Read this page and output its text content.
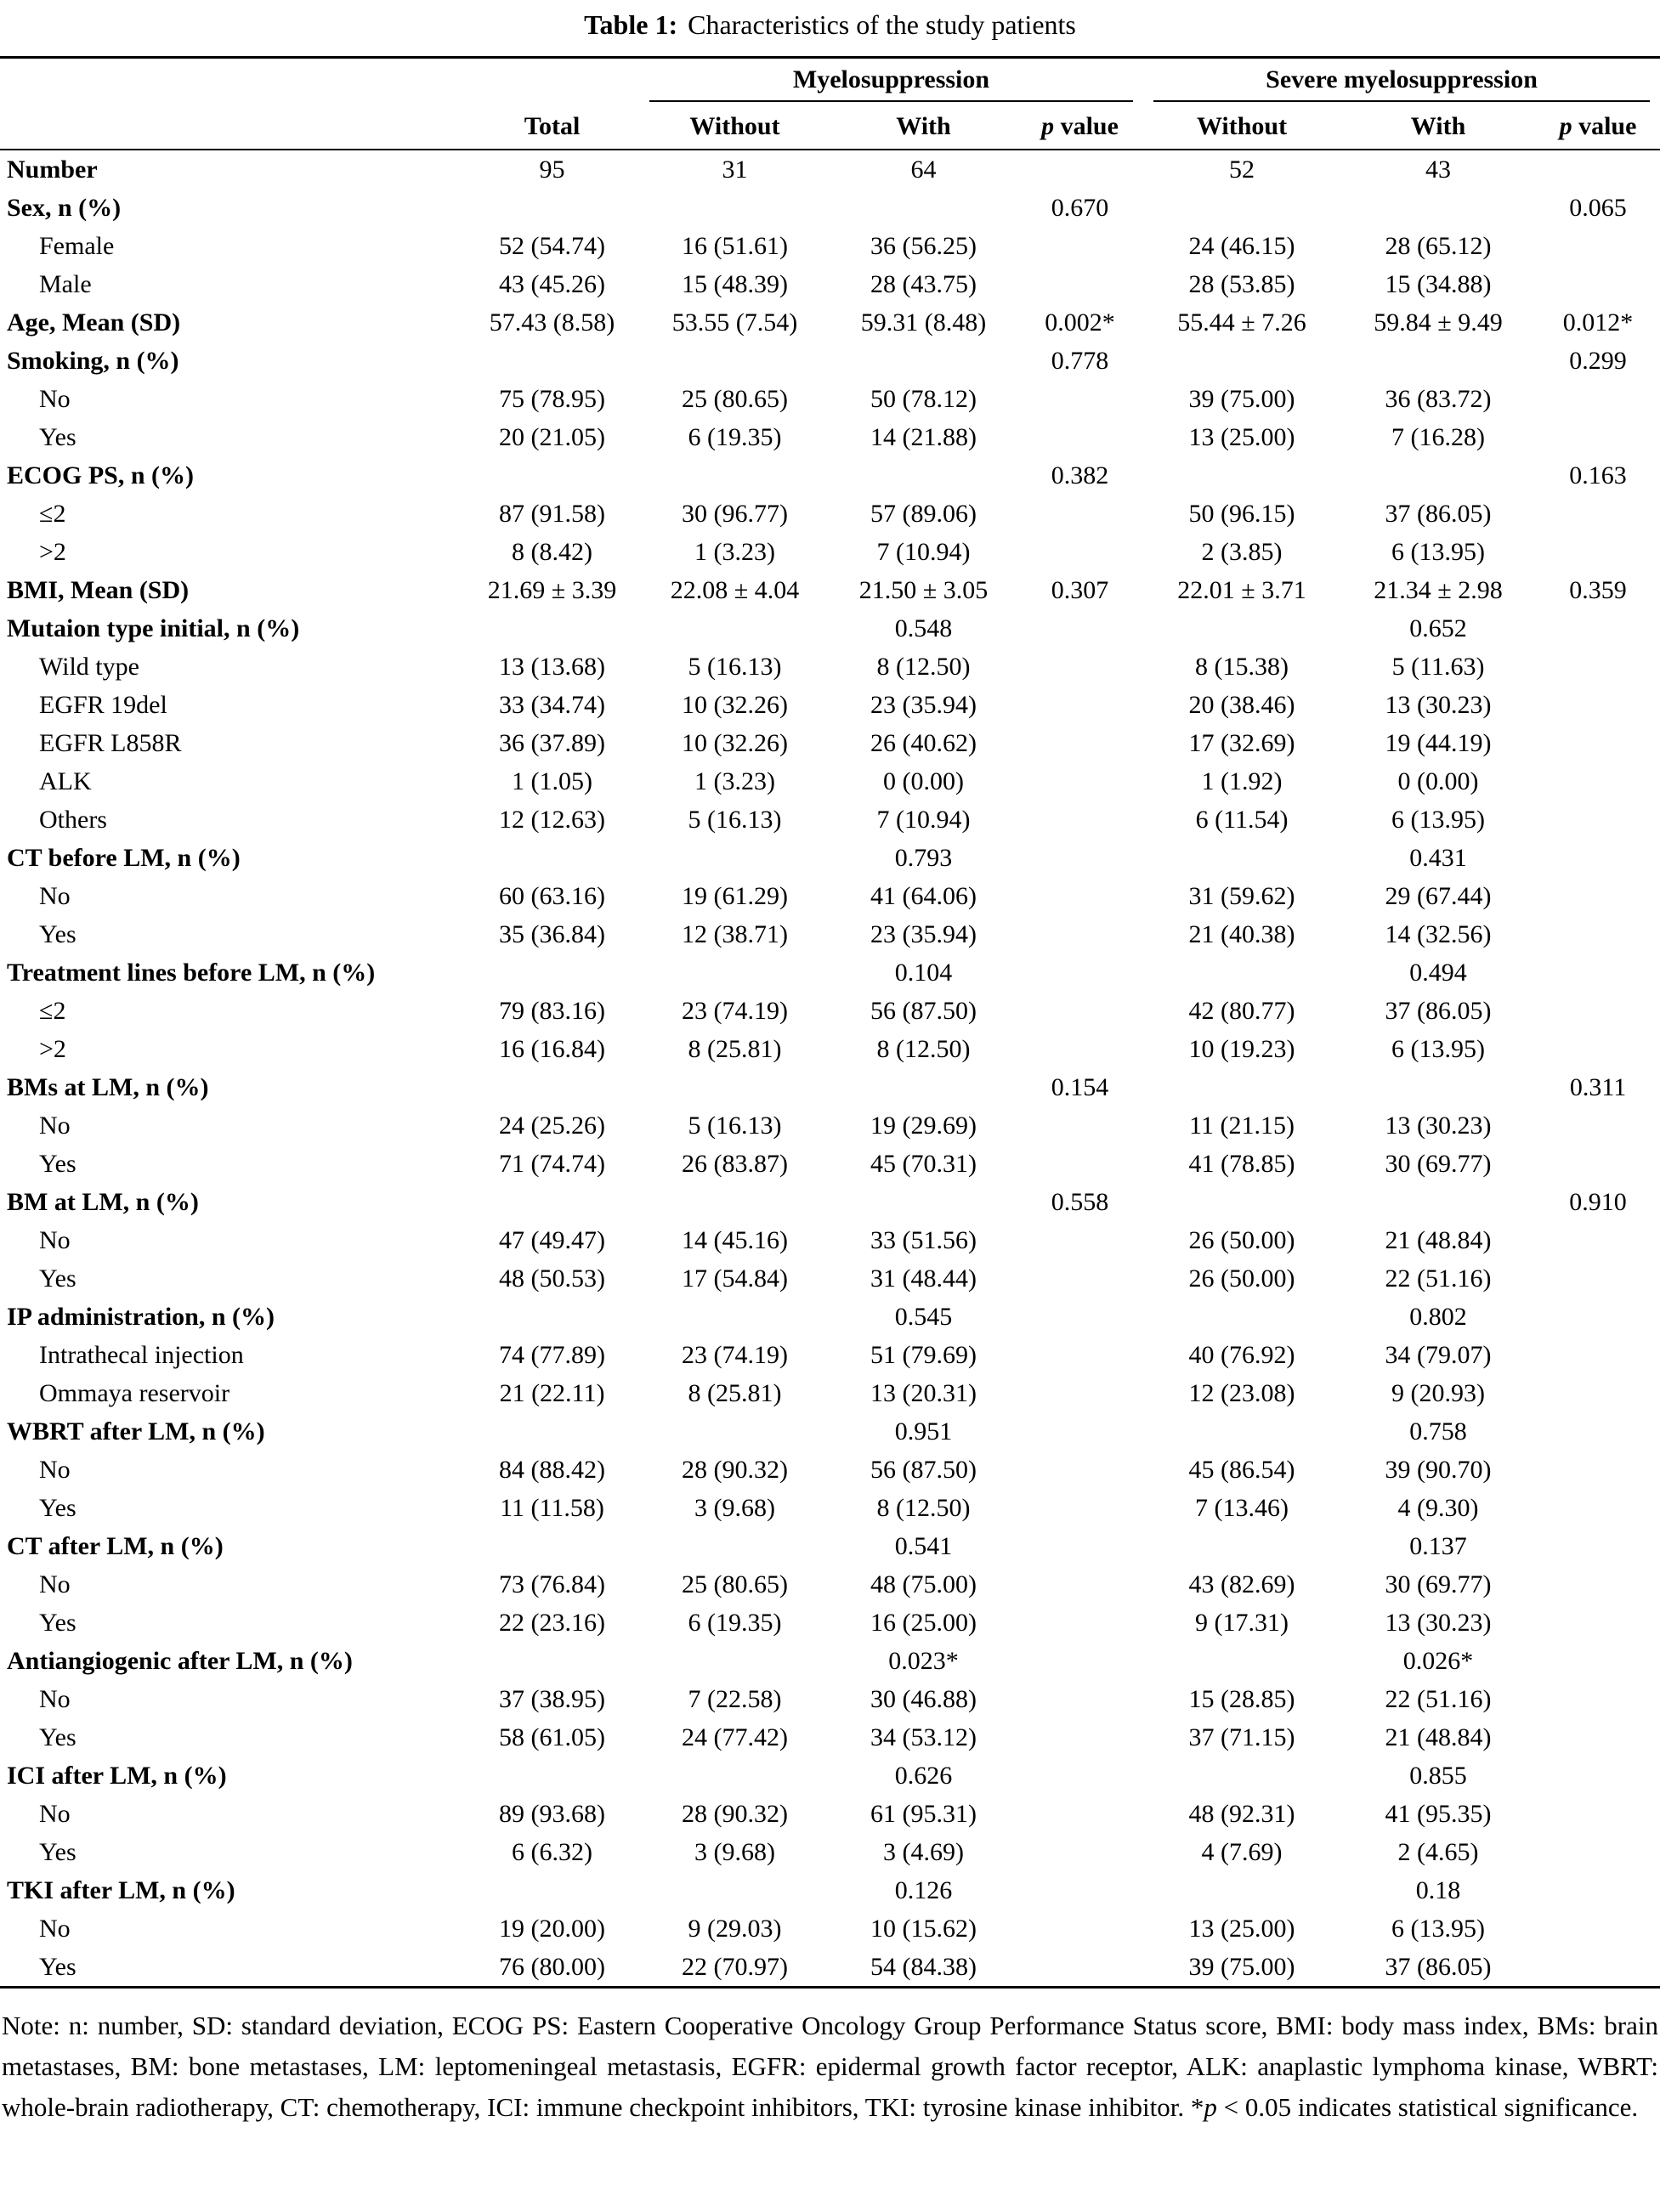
Table 1: Characteristics of the study patients

		Myelosuppression			Severe myelosuppression		

	Total	Without	With	p value	Without	With	p value
Number	95	31	64		52	43	
Sex, n (%)				0.670			0.065
Female	52 (54.74)	16 (51.61)	36 (56.25)		24 (46.15)	28 (65.12)	
Male	43 (45.26)	15 (48.39)	28 (43.75)		28 (53.85)	15 (34.88)	
Age, Mean (SD)	57.43 (8.58)	53.55 (7.54)	59.31 (8.48)	0.002*	55.44 ± 7.26	59.84 ± 9.49	0.012*
Smoking, n (%)				0.778			0.299
No	75 (78.95)	25 (80.65)	50 (78.12)		39 (75.00)	36 (83.72)	
Yes	20 (21.05)	6 (19.35)	14 (21.88)		13 (25.00)	7 (16.28)	
ECOG PS, n (%)				0.382			0.163
≤2	87 (91.58)	30 (96.77)	57 (89.06)		50 (96.15)	37 (86.05)	
>2	8 (8.42)	1 (3.23)	7 (10.94)		2 (3.85)	6 (13.95)	
BMI, Mean (SD)	21.69 ± 3.39	22.08 ± 4.04	21.50 ± 3.05	0.307	22.01 ± 3.71	21.34 ± 2.98	0.359
Mutaion type initial, n (%)			0.548			0.652	
Wild type	13 (13.68)	5 (16.13)	8 (12.50)		8 (15.38)	5 (11.63)	
EGFR 19del	33 (34.74)	10 (32.26)	23 (35.94)		20 (38.46)	13 (30.23)	
EGFR L858R	36 (37.89)	10 (32.26)	26 (40.62)		17 (32.69)	19 (44.19)	
ALK	1 (1.05)	1 (3.23)	0 (0.00)		1 (1.92)	0 (0.00)	
Others	12 (12.63)	5 (16.13)	7 (10.94)		6 (11.54)	6 (13.95)	
CT before LM, n (%)			0.793			0.431	
No	60 (63.16)	19 (61.29)	41 (64.06)		31 (59.62)	29 (67.44)	
Yes	35 (36.84)	12 (38.71)	23 (35.94)		21 (40.38)	14 (32.56)	
Treatment lines before LM, n (%)			0.104			0.494	
≤2	79 (83.16)	23 (74.19)	56 (87.50)		42 (80.77)	37 (86.05)	
>2	16 (16.84)	8 (25.81)	8 (12.50)		10 (19.23)	6 (13.95)	
BMs at LM, n (%)				0.154			0.311
No	24 (25.26)	5 (16.13)	19 (29.69)		11 (21.15)	13 (30.23)	
Yes	71 (74.74)	26 (83.87)	45 (70.31)		41 (78.85)	30 (69.77)	
BM at LM, n (%)				0.558			0.910
No	47 (49.47)	14 (45.16)	33 (51.56)		26 (50.00)	21 (48.84)	
Yes	48 (50.53)	17 (54.84)	31 (48.44)		26 (50.00)	22 (51.16)	
IP administration, n (%)			0.545			0.802	
Intrathecal injection	74 (77.89)	23 (74.19)	51 (79.69)		40 (76.92)	34 (79.07)	
Ommaya reservoir	21 (22.11)	8 (25.81)	13 (20.31)		12 (23.08)	9 (20.93)	
WBRT after LM, n (%)			0.951			0.758	
No	84 (88.42)	28 (90.32)	56 (87.50)		45 (86.54)	39 (90.70)	
Yes	11 (11.58)	3 (9.68)	8 (12.50)		7 (13.46)	4 (9.30)	
CT after LM, n (%)			0.541			0.137	
No	73 (76.84)	25 (80.65)	48 (75.00)		43 (82.69)	30 (69.77)	
Yes	22 (23.16)	6 (19.35)	16 (25.00)		9 (17.31)	13 (30.23)	
Antiangiogenic after LM, n (%)			0.023*			0.026*	
No	37 (38.95)	7 (22.58)	30 (46.88)		15 (28.85)	22 (51.16)	
Yes	58 (61.05)	24 (77.42)	34 (53.12)		37 (71.15)	21 (48.84)	
ICI after LM, n (%)			0.626			0.855	
No	89 (93.68)	28 (90.32)	61 (95.31)		48 (92.31)	41 (95.35)	
Yes	6 (6.32)	3 (9.68)	3 (4.69)		4 (7.69)	2 (4.65)	
TKI after LM, n (%)			0.126			0.18	
No	19 (20.00)	9 (29.03)	10 (15.62)		13 (25.00)	6 (13.95)	
Yes	76 (80.00)	22 (70.97)	54 (84.38)		39 (75.00)	37 (86.05)	

Note: n: number, SD: standard deviation, ECOG PS: Eastern Cooperative Oncology Group Performance Status score, BMI: body mass index, BMs: brain metastases, BM: bone metastases, LM: leptomeningeal metastasis, EGFR: epidermal growth factor receptor, ALK: anaplastic lymphoma kinase, WBRT: whole-brain radiotherapy, CT: chemotherapy, ICI: immune checkpoint inhibitors, TKI: tyrosine kinase inhibitor. *p < 0.05 indicates statistical significance.
